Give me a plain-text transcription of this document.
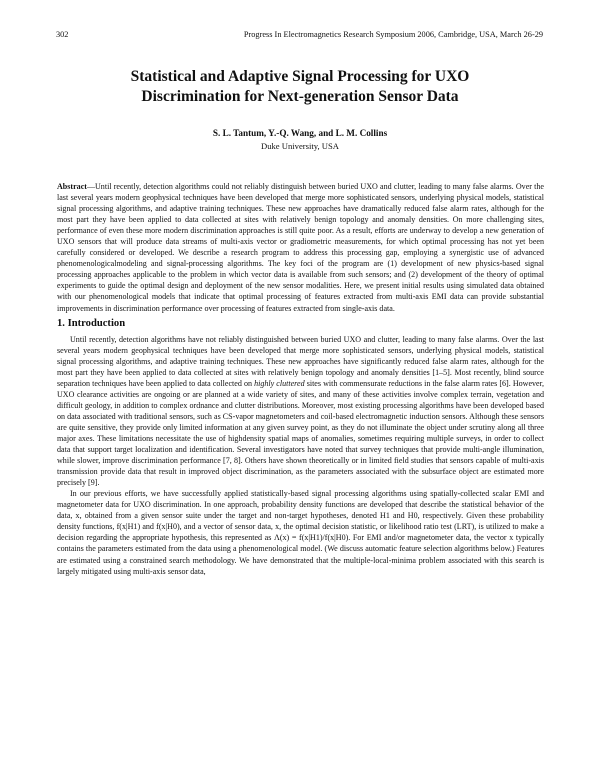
302	Progress In Electromagnetics Research Symposium 2006, Cambridge, USA, March 26-29
Statistical and Adaptive Signal Processing for UXO
Discrimination for Next-generation Sensor Data
S. L. Tantum, Y.-Q. Wang, and L. M. Collins
Duke University, USA

Abstract—Until recently, detection algorithms could not reliably distinguish between buried UXO and clutter, leading to many false alarms. Over the last several years modern geophysical techniques have been developed that merge more sophisticated sensors, underlying physical models, statistical signal processing algorithms, and adaptive training techniques. These new approaches have dramatically reduced false alarm rates, although for the most part they have been applied to data collected at sites with relatively benign topology and anomaly densities. On more challenging sites, performance of even these more modern discrimination approaches is still quite poor. As a result, efforts are underway to develop a new generation of UXO sensors that will produce data streams of multi-axis vector or gradiometric measurements, for which optimal processing has not yet been carefully considered or developed. We describe a research program to address this processing gap, employing a synergistic use of advanced phenomenologicalmodeling and signal-processing algorithms. The key foci of the program are (1) development of new physics-based signal processing approaches applicable to the problem in which vector data is available from such sensors; and (2) development of the theory of optimal experiments to guide the optimal design and deployment of the new sensor modalities. Here, we present initial results using simulated data obtained with our phenomenological models that indicate that optimal processing of features extracted from multi-axis EMI data can provide substantial improvements in discrimination performance over processing of features extracted from single-axis data.

1. Introduction

Until recently, detection algorithms have not reliably distinguished between buried UXO and clutter, leading to many false alarms. Over the last several years modern geophysical techniques have been developed that merge more sophisticated sensors, underlying physical models, statistical signal processing algorithms, and adaptive training techniques. These new approaches have significantly reduced false alarm rates, although for the most part they have been applied to data collected at sites with relatively benign topology and anomaly densities [1–5]. Most recently, blind source separation techniques have been applied to data collected on highly cluttered sites with commensurate reductions in the false alarm rates [6]. However, UXO clearance activities are ongoing or are planned at a wide variety of sites, and many of these activities involve complex terrain, vegetation and difficult geology, in addition to complex ordnance and clutter distributions. Moreover, most existing processing algorithms have been developed based on data associated with traditional sensors, such as CS-vapor magnetometers and coil-based electromagnetic induction sensors. Although these sensors are quite sensitive, they provide only limited information at any given survey point, as they do not illuminate the object under scrutiny along all three major axes. These limitations necessitate the use of highdensity spatial maps of anomalies, sometimes requiring multiple surveys, in order to collect data that support target localization and identification. Several investigators have noted that survey techniques that provide multi-angle illumination, while slower, improve discrimination performance [7, 8]. Others have shown theoretically or in limited field studies that sensors capable of multi-axis transmission provide data that result in improved object discrimination, as the parameters associated with the subsurface object are estimated more precisely [9].

In our previous efforts, we have successfully applied statistically-based signal processing algorithms using spatially-collected scalar EMI and magnetometer data for UXO discrimination. In one approach, probability density functions are developed that describe the statistical behavior of the data, x, obtained from a given sensor suite under the target and non-target hypotheses, denoted H1 and H0, respectively. Given these probability density functions, f(x|H1) and f(x|H0), and a vector of sensor data, x, the optimal decision statistic, or likelihood ratio test (LRT), is utilized to make a decision regarding the appropriate hypothesis, this represented as Λ(x) = f(x|H1)/f(x|H0). For EMI and/or magnetometer data, the vector x typically contains the parameters estimated from the data using a phenomenological model. (We discuss automatic feature selection algorithms below.) Features are estimated using a constrained search methodology. We have demonstrated that the multiple-local-minima problem associated with this search is largely mitigated using multi-axis sensor data,
